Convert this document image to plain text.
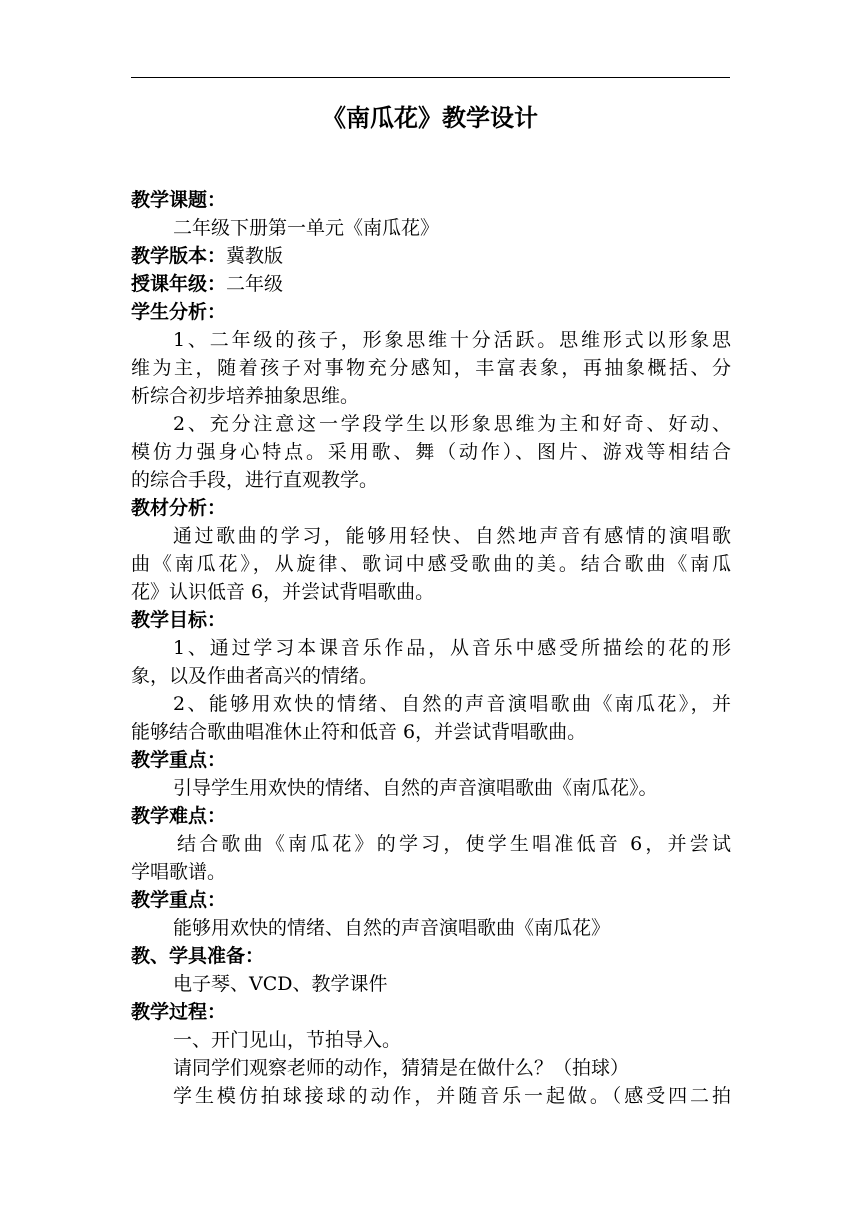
《南瓜花》教学设计
教学课题：
二年级下册第一单元《南瓜花》
教学版本：冀教版
授课年级：二年级
学生分析：
1、二年级的孩子，形象思维十分活跃。思维形式以形象思
维为主，随着孩子对事物充分感知，丰富表象，再抽象概括、分
析综合初步培养抽象思维。
2、充分注意这一学段学生以形象思维为主和好奇、好动、
模仿力强身心特点。采用歌、舞（动作）、图片、游戏等相结合
的综合手段，进行直观教学。
教材分析：
通过歌曲的学习，能够用轻快、自然地声音有感情的演唱歌
曲《南瓜花》，从旋律、歌词中感受歌曲的美。结合歌曲《南瓜
花》认识低音 6，并尝试背唱歌曲。
教学目标：
1、通过学习本课音乐作品，从音乐中感受所描绘的花的形
象，以及作曲者高兴的情绪。
2、能够用欢快的情绪、自然的声音演唱歌曲《南瓜花》，并
能够结合歌曲唱准休止符和低音 6，并尝试背唱歌曲。
教学重点：
引导学生用欢快的情绪、自然的声音演唱歌曲《南瓜花》。
教学难点：
结合歌曲《南瓜花》的学习，使学生唱准低音 6，并尝试
学唱歌谱。
教学重点：
能够用欢快的情绪、自然的声音演唱歌曲《南瓜花》
教、学具准备：
电子琴、VCD、教学课件
教学过程：
一、开门见山，节拍导入。
请同学们观察老师的动作，猜猜是在做什么？（拍球）
学生模仿拍球接球的动作，并随音乐一起做。（感受四二拍
